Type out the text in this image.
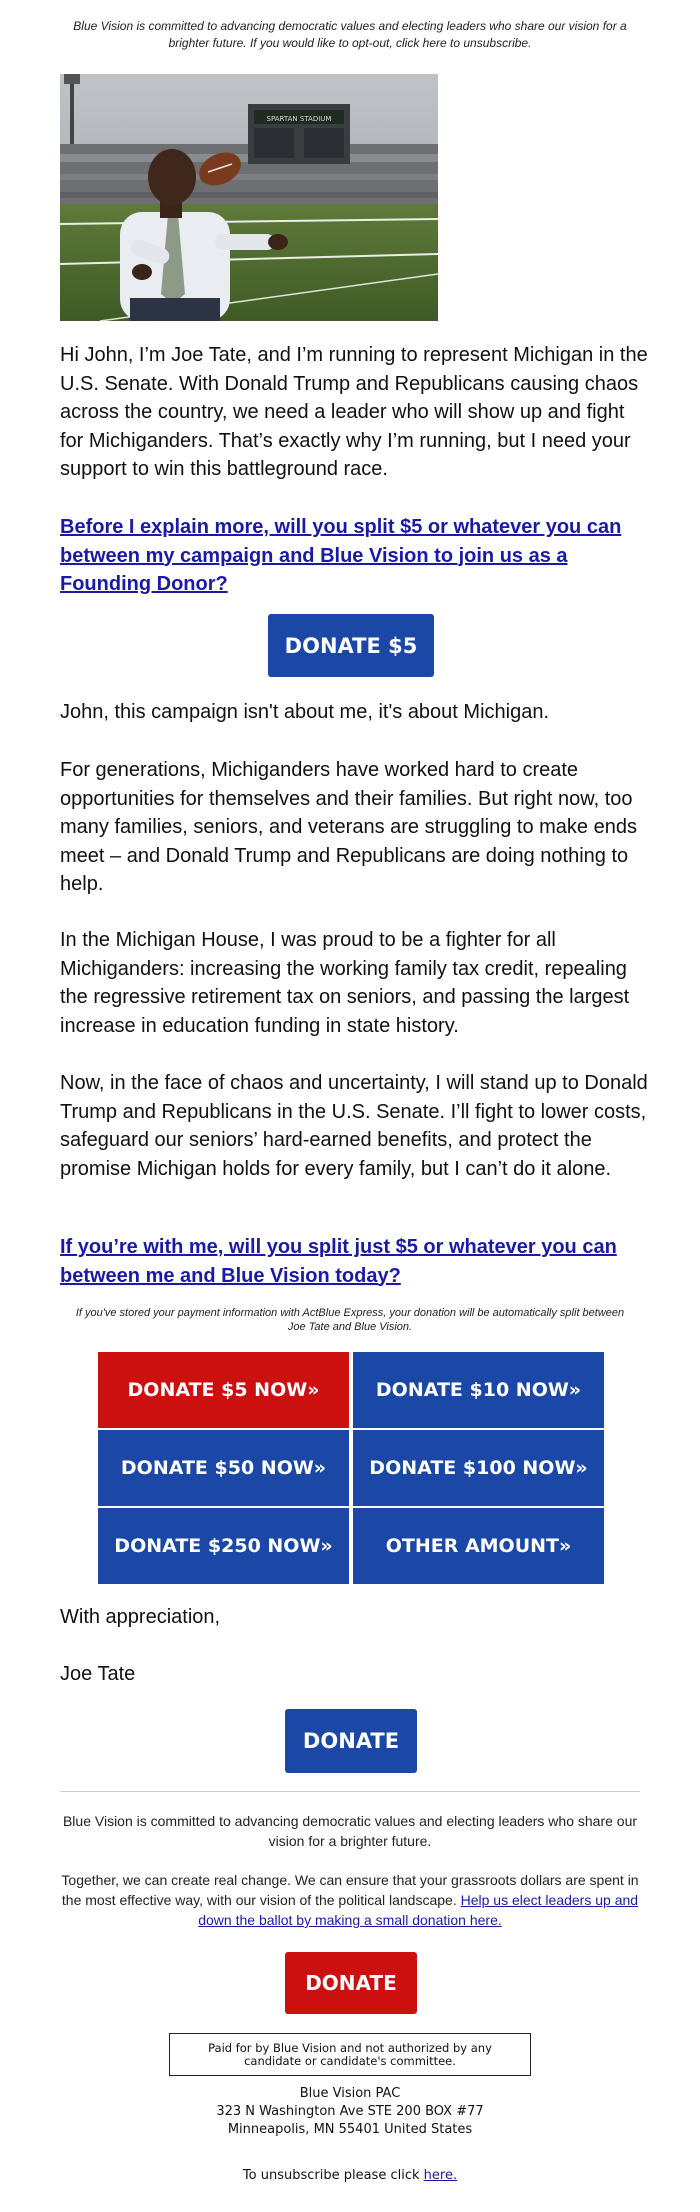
Blue Vision is committed to advancing democratic values and electing leaders who share our vision for a brighter future. If you would like to opt-out, click here to unsubscribe.
SPARTAN STADIUM
Hi John, I’m Joe Tate, and I’m running to represent Michigan in the U.S. Senate. With Donald Trump and Republicans causing chaos across the country, we need a leader who will show up and fight for Michiganders. That’s exactly why I’m running, but I need your support to win this battleground race.
Before I explain more, will you split $5 or whatever you can between my campaign and Blue Vision to join us as a Founding Donor?
DONATE $5
John, this campaign isn't about me, it's about Michigan.
For generations, Michiganders have worked hard to create opportunities for themselves and their families. But right now, too many families, seniors, and veterans are struggling to make ends meet – and Donald Trump and Republicans are doing nothing to help.
In the Michigan House, I was proud to be a fighter for all Michiganders: increasing the working family tax credit, repealing the regressive retirement tax on seniors, and passing the largest increase in education funding in state history.
Now, in the face of chaos and uncertainty, I will stand up to Donald Trump and Republicans in the U.S. Senate. I’ll fight to lower costs, safeguard our seniors’ hard-earned benefits, and protect the promise Michigan holds for every family, but I can’t do it alone.
If you’re with me, will you split just $5 or whatever you can between me and Blue Vision today?
If you've stored your payment information with ActBlue Express, your donation will be automatically split between Joe Tate and Blue Vision.
DONATE $5 NOW»	DONATE $10 NOW»
DONATE $50 NOW»	DONATE $100 NOW»
DONATE $250 NOW»	OTHER AMOUNT»
With appreciation,
Joe Tate
DONATE
Blue Vision is committed to advancing democratic values and electing leaders who share our vision for a brighter future.
Together, we can create real change. We can ensure that your grassroots dollars are spent in the most effective way, with our vision of the political landscape. Help us elect leaders up and down the ballot by making a small donation here.
DONATE
Paid for by Blue Vision and not authorized by any candidate or candidate's committee.
Blue Vision PAC
323 N Washington Ave STE 200 BOX #77
Minneapolis, MN 55401 United States
To unsubscribe please click here.
